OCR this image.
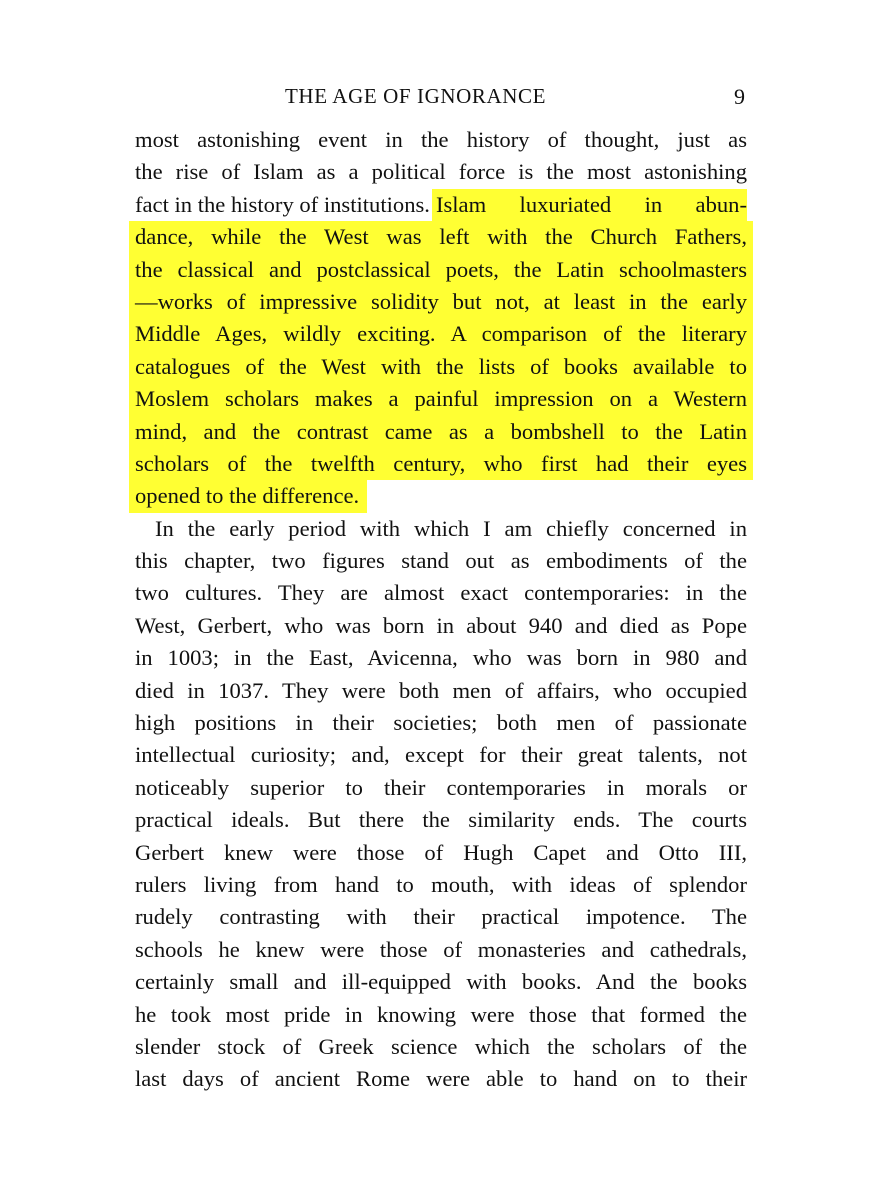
THE AGE OF IGNORANCE	9
most astonishing event in the history of thought, just as
the rise of Islam as a political force is the most astonishing
fact in the history of institutions. Islam luxuriated in abun-
dance, while the West was left with the Church Fathers,
the classical and postclassical poets, the Latin schoolmasters
—works of impressive solidity but not, at least in the early
Middle Ages, wildly exciting. A comparison of the literary
catalogues of the West with the lists of books available to
Moslem scholars makes a painful impression on a Western
mind, and the contrast came as a bombshell to the Latin
scholars of the twelfth century, who first had their eyes
opened to the difference.
In the early period with which I am chiefly concerned in
this chapter, two figures stand out as embodiments of the
two cultures. They are almost exact contemporaries: in the
West, Gerbert, who was born in about 940 and died as Pope
in 1003; in the East, Avicenna, who was born in 980 and
died in 1037. They were both men of affairs, who occupied
high positions in their societies; both men of passionate
intellectual curiosity; and, except for their great talents, not
noticeably superior to their contemporaries in morals or
practical ideals. But there the similarity ends. The courts
Gerbert knew were those of Hugh Capet and Otto III,
rulers living from hand to mouth, with ideas of splendor
rudely contrasting with their practical impotence. The
schools he knew were those of monasteries and cathedrals,
certainly small and ill-equipped with books. And the books
he took most pride in knowing were those that formed the
slender stock of Greek science which the scholars of the
last days of ancient Rome were able to hand on to their
